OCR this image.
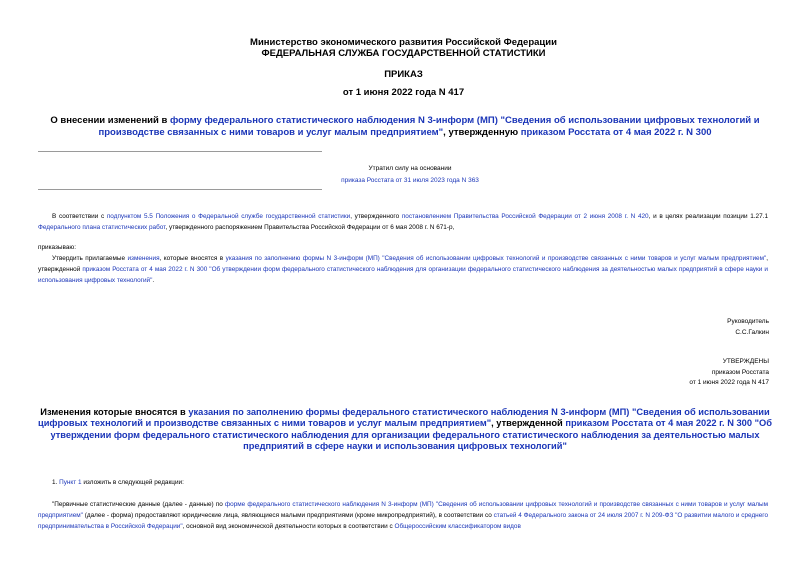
Министерство экономического развития Российской Федерации
ФЕДЕРАЛЬНАЯ СЛУЖБА ГОСУДАРСТВЕННОЙ СТАТИСТИКИ
ПРИКАЗ
от 1 июня 2022 года N 417
О внесении изменений в форму федерального статистического наблюдения N 3-информ (МП) "Сведения об использовании цифровых технологий и производстве связанных с ними товаров и услуг малым предприятием", утвержденную приказом Росстата от 4 мая 2022 г. N 300
Утратил силу на основании
приказа Росстата от 31 июля 2023 года N 363
В соответствии с подпунктом 5.5 Положения о Федеральной службе государственной статистики, утвержденного постановлением Правительства Российской Федерации от 2 июня 2008 г. N 420, и в целях реализации позиции 1.27.1 Федерального плана статистических работ, утвержденного распоряжением Правительства Российской Федерации от 6 мая 2008 г. N 671-р,
приказываю:
Утвердить прилагаемые изменения, которые вносятся в указания по заполнению формы N 3-информ (МП) "Сведения об использовании цифровых технологий и производстве связанных с ними товаров и услуг малым предприятием", утвержденной приказом Росстата от 4 мая 2022 г. N 300 "Об утверждении форм федерального статистического наблюдения для организации федерального статистического наблюдения за деятельностью малых предприятий в сфере науки и использования цифровых технологий".
Руководитель
С.С.Галкин
УТВЕРЖДЕНЫ
приказом Росстата
от 1 июня 2022 года N 417
Изменения которые вносятся в указания по заполнению формы федерального статистического наблюдения N 3-информ (МП) "Сведения об использовании цифровых технологий и производстве связанных с ними товаров и услуг малым предприятием", утвержденной приказом Росстата от 4 мая 2022 г. N 300 "Об утверждении форм федерального статистического наблюдения для организации федерального статистического наблюдения за деятельностью малых предприятий в сфере науки и использования цифровых технологий"
1. Пункт 1 изложить в следующей редакции:
"Первичные статистические данные (далее - данные) по форме федерального статистического наблюдения N 3-информ (МП) "Сведения об использовании цифровых технологий и производстве связанных с ними товаров и услуг малым предприятием" (далее - форма) предоставляют юридические лица, являющиеся малыми предприятиями (кроме микропредприятий), в соответствии со статьей 4 Федерального закона от 24 июля 2007 г. N 209-ФЗ "О развитии малого и среднего предпринимательства в Российской Федерации", основной вид экономической деятельности которых в соответствии с Общероссийским классификатором видов
